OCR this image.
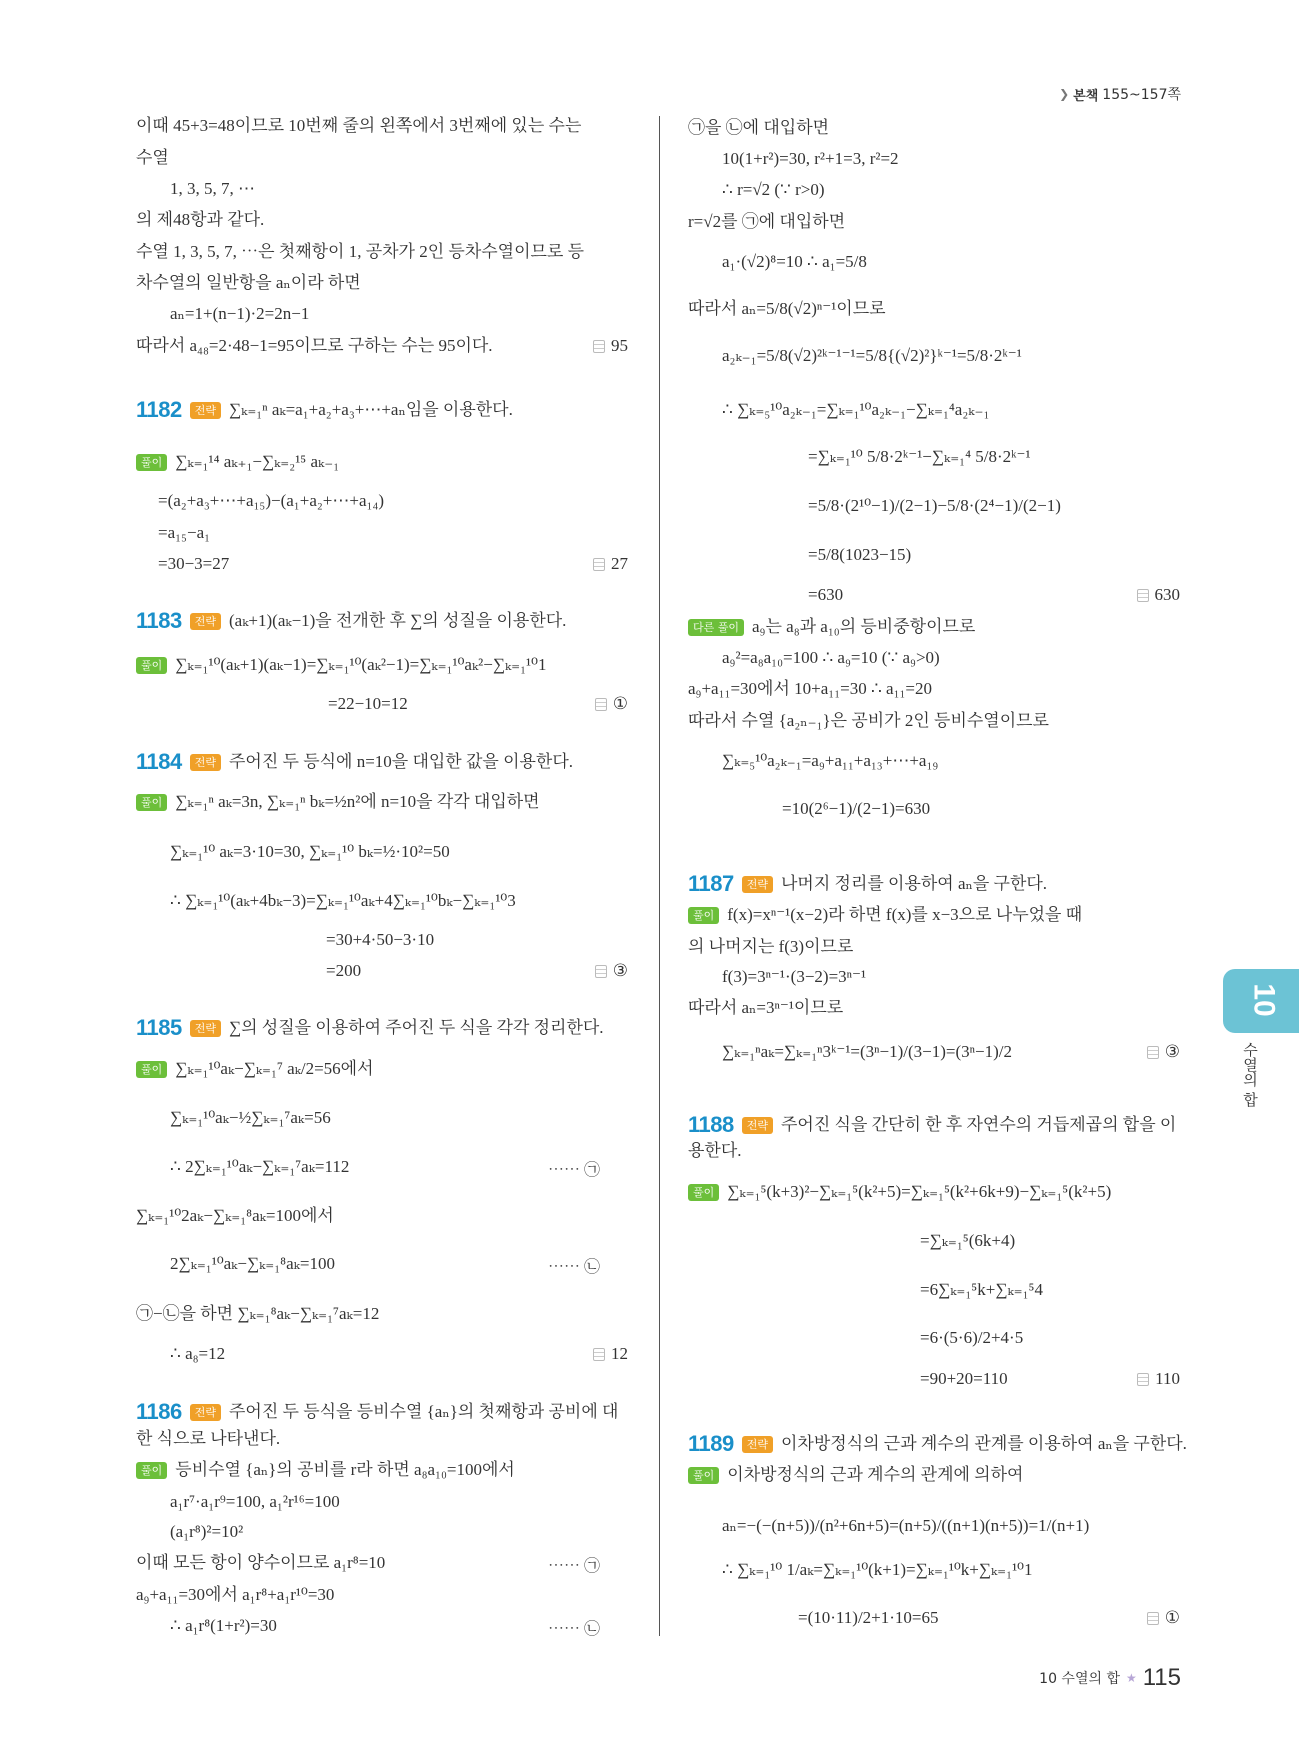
❯ 본책 155~157쪽
이때 45+3=48이므로 10번째 줄의 왼쪽에서 3번째에 있는 수는
수열
1, 3, 5, 7, ⋯
의 제48항과 같다.
수열 1, 3, 5, 7, ⋯은 첫째항이 1, 공차가 2인 등차수열이므로 등
차수열의 일반항을 aₙ이라 하면
aₙ=1+(n−1)·2=2n−1
따라서 a₄₈=2·48−1=95이므로 구하는 수는 95이다.	95
1182	전략 ∑ₖ₌₁ⁿ aₖ=a₁+a₂+a₃+⋯+aₙ임을 이용한다.
풀이 ∑ₖ₌₁¹⁴ aₖ₊₁−∑ₖ₌₂¹⁵ aₖ₋₁
=(a₂+a₃+⋯+a₁₅)−(a₁+a₂+⋯+a₁₄)
=a₁₅−a₁
=30−3=27	27
1183	전략 (aₖ+1)(aₖ−1)을 전개한 후 ∑의 성질을 이용한다.
풀이 ∑ₖ₌₁¹⁰(aₖ+1)(aₖ−1)=∑ₖ₌₁¹⁰(aₖ²−1)=∑ₖ₌₁¹⁰aₖ²−∑ₖ₌₁¹⁰1
=22−10=12	①
1184	전략 주어진 두 등식에 n=10을 대입한 값을 이용한다.
풀이 ∑ₖ₌₁ⁿ aₖ=3n, ∑ₖ₌₁ⁿ bₖ=½n²에 n=10을 각각 대입하면
∑ₖ₌₁¹⁰ aₖ=3·10=30, ∑ₖ₌₁¹⁰ bₖ=½·10²=50
∴ ∑ₖ₌₁¹⁰(aₖ+4bₖ−3)=∑ₖ₌₁¹⁰aₖ+4∑ₖ₌₁¹⁰bₖ−∑ₖ₌₁¹⁰3
=30+4·50−3·10
=200	③
1185	전략 ∑의 성질을 이용하여 주어진 두 식을 각각 정리한다.
풀이 ∑ₖ₌₁¹⁰aₖ−∑ₖ₌₁⁷ aₖ/2=56에서
∑ₖ₌₁¹⁰aₖ−½∑ₖ₌₁⁷aₖ=56
∴ 2∑ₖ₌₁¹⁰aₖ−∑ₖ₌₁⁷aₖ=112	⋯⋯ ㉠
∑ₖ₌₁¹⁰2aₖ−∑ₖ₌₁⁸aₖ=100에서
2∑ₖ₌₁¹⁰aₖ−∑ₖ₌₁⁸aₖ=100	⋯⋯ ㉡
㉠−㉡을 하면 ∑ₖ₌₁⁸aₖ−∑ₖ₌₁⁷aₖ=12
∴ a₈=12	12
1186	전략 주어진 두 등식을 등비수열 {aₙ}의 첫째항과 공비에 대
한 식으로 나타낸다.
풀이 등비수열 {aₙ}의 공비를 r라 하면 a₈a₁₀=100에서
a₁r⁷·a₁r⁹=100, a₁²r¹⁶=100
(a₁r⁸)²=10²
이때 모든 항이 양수이므로 a₁r⁸=10	⋯⋯ ㉠
a₉+a₁₁=30에서 a₁r⁸+a₁r¹⁰=30
∴ a₁r⁸(1+r²)=30	⋯⋯ ㉡
㉠을 ㉡에 대입하면
10(1+r²)=30, r²+1=3, r²=2
∴ r=√2 (∵ r>0)
r=√2를 ㉠에 대입하면
a₁·(√2)⁸=10 ∴ a₁=5/8
따라서 aₙ=5/8(√2)ⁿ⁻¹이므로
a₂ₖ₋₁=5/8(√2)²ᵏ⁻¹⁻¹=5/8{(√2)²}ᵏ⁻¹=5/8·2ᵏ⁻¹
∴ ∑ₖ₌₅¹⁰a₂ₖ₋₁=∑ₖ₌₁¹⁰a₂ₖ₋₁−∑ₖ₌₁⁴a₂ₖ₋₁
=∑ₖ₌₁¹⁰ 5/8·2ᵏ⁻¹−∑ₖ₌₁⁴ 5/8·2ᵏ⁻¹
=5/8·(2¹⁰−1)/(2−1)−5/8·(2⁴−1)/(2−1)
=5/8(1023−15)
=630	630
다른 풀이 a₉는 a₈과 a₁₀의 등비중항이므로
a₉²=a₈a₁₀=100 ∴ a₉=10 (∵ a₉>0)
a₉+a₁₁=30에서 10+a₁₁=30 ∴ a₁₁=20
따라서 수열 {a₂ₙ₋₁}은 공비가 2인 등비수열이므로
∑ₖ₌₅¹⁰a₂ₖ₋₁=a₉+a₁₁+a₁₃+⋯+a₁₉
=10(2⁶−1)/(2−1)=630
1187	전략 나머지 정리를 이용하여 aₙ을 구한다.
풀이 f(x)=xⁿ⁻¹(x−2)라 하면 f(x)를 x−3으로 나누었을 때
의 나머지는 f(3)이므로
f(3)=3ⁿ⁻¹·(3−2)=3ⁿ⁻¹
따라서 aₙ=3ⁿ⁻¹이므로
∑ₖ₌₁ⁿaₖ=∑ₖ₌₁ⁿ3ᵏ⁻¹=(3ⁿ−1)/(3−1)=(3ⁿ−1)/2	③
1188	전략 주어진 식을 간단히 한 후 자연수의 거듭제곱의 합을 이
용한다.
풀이 ∑ₖ₌₁⁵(k+3)²−∑ₖ₌₁⁵(k²+5)=∑ₖ₌₁⁵(k²+6k+9)−∑ₖ₌₁⁵(k²+5)
=∑ₖ₌₁⁵(6k+4)
=6∑ₖ₌₁⁵k+∑ₖ₌₁⁵4
=6·(5·6)/2+4·5
=90+20=110	110
1189	전략 이차방정식의 근과 계수의 관계를 이용하여 aₙ을 구한다.
풀이 이차방정식의 근과 계수의 관계에 의하여
aₙ=−(−(n+5))/(n²+6n+5)=(n+5)/((n+1)(n+5))=1/(n+1)
∴ ∑ₖ₌₁¹⁰ 1/aₖ=∑ₖ₌₁¹⁰(k+1)=∑ₖ₌₁¹⁰k+∑ₖ₌₁¹⁰1
=(10·11)/2+1·10=65	①
10
수열의 합
10 수열의 합 ★ 115
